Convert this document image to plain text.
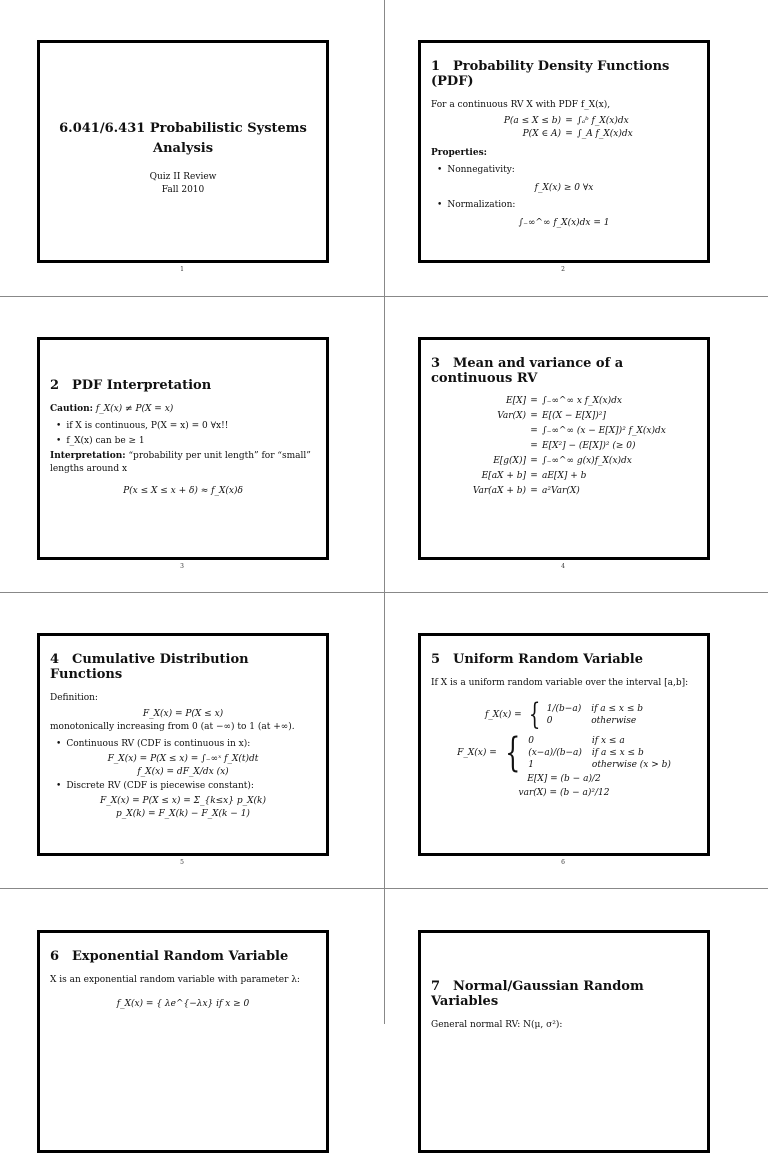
6.041/6.431 Probabilistic Systems
Analysis
Quiz II Review
Fall 2010
1
1 Probability Density Functions (PDF)
For a continuous RV X with PDF f_X(x),
P(a ≤ X ≤ b) = ∫ₐᵇ f_X(x)dx
P(X ∈ A) = ∫_A f_X(x)dx
Properties:
• Nonnegativity:
f_X(x) ≥ 0 ∀x
• Normalization:
∫₋∞^∞ f_X(x)dx = 1
2
2 PDF Interpretation
Caution: f_X(x) ≠ P(X = x)
• if X is continuous, P(X = x) = 0 ∀x!!
• f_X(x) can be ≥ 1
Interpretation: “probability per unit length” for “small” lengths around x
P(x ≤ X ≤ x + δ) ≈ f_X(x)δ
3
3 Mean and variance of a continuous RV
E[X] = ∫₋∞^∞ x f_X(x)dx
Var(X) = E[(X − E[X])²]
= ∫₋∞^∞ (x − E[X])² f_X(x)dx
= E[X²] − (E[X])² (≥ 0)
E[g(X)] = ∫₋∞^∞ g(x)f_X(x)dx
E[aX + b] = aE[X] + b
Var(aX + b) = a²Var(X)
4
4 Cumulative Distribution Functions
Definition:
F_X(x) = P(X ≤ x)
monotonically increasing from 0 (at −∞) to 1 (at +∞).
• Continuous RV (CDF is continuous in x):
F_X(x) = P(X ≤ x) = ∫₋∞ˣ f_X(t)dt
f_X(x) = dF_X/dx (x)
• Discrete RV (CDF is piecewise constant):
F_X(x) = P(X ≤ x) = Σ_{k≤x} p_X(k)
p_X(k) = F_X(k) − F_X(k − 1)
5
5 Uniform Random Variable
If X is a uniform random variable over the interval [a,b]:
f_X(x) = { 1/(b−a) if a ≤ x ≤ b
0	otherwise
F_X(x) = { 0	if x ≤ a
(x−a)/(b−a) if a ≤ x ≤ b
1	otherwise (x > b)
E[X] = (b − a)/2
var(X) = (b − a)²/12
6
6 Exponential Random Variable
X is an exponential random variable with parameter λ:
f_X(x) = { λe^{−λx} if x ≥ 0
7 Normal/Gaussian Random Variables
General normal RV: N(μ, σ²):
